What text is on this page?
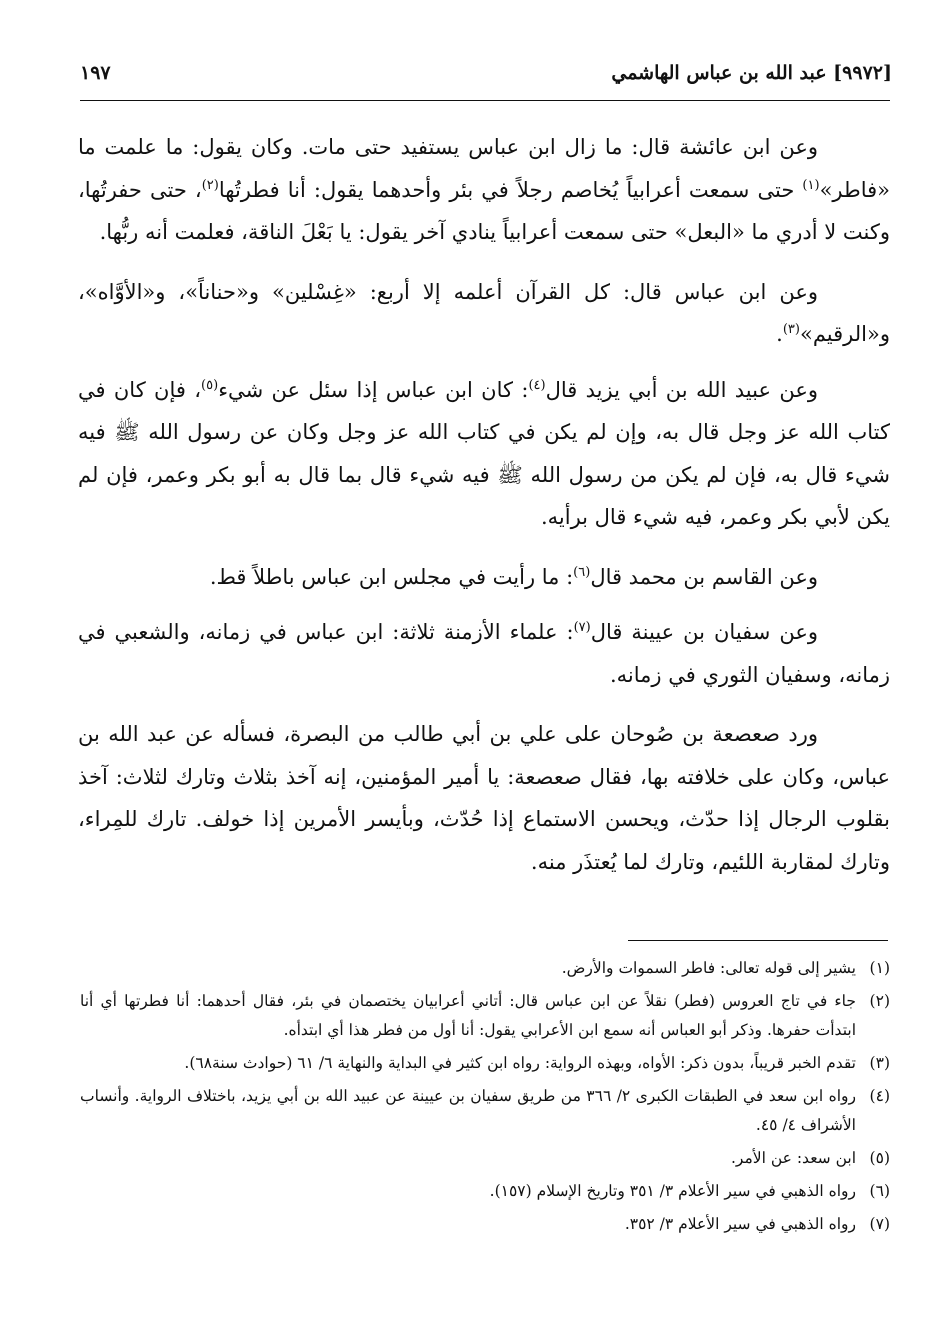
[٩٩٧٢] عبد الله بن عباس الهاشمي
١٩٧

وعن ابن عائشة قال: ما زال ابن عباس يستفيد حتى مات. وكان يقول: ما علمت ما «فاطر»$^{(١)}$ حتى سمعت أعرابياً يُخاصم رجلاً في بئر وأحدهما يقول: أنا فطرتُها$^{(٢)}$، حتى حفرتُها، وكنت لا أدري ما «البعل» حتى سمعت أعرابياً ينادي آخر يقول: يا بَعْلَ الناقة، فعلمت أنه ربُّها.

وعن ابن عباس قال: كل القرآن أعلمه إلا أربع: «غِسْلين» و«حناناً»، و«الأوَّاه»، و«الرقيم»$^{(٣)}$.

وعن عبيد الله بن أبي يزيد قال$^{(٤)}$: كان ابن عباس إذا سئل عن شيء$^{(٥)}$، فإن كان في كتاب الله عز وجل قال به، وإن لم يكن في كتاب الله عز وجل وكان عن رسول الله ﷺ فيه شيء قال به، فإن لم يكن من رسول الله ﷺ فيه شيء قال بما قال به أبو بكر وعمر، فإن لم يكن لأبي بكر وعمر، فيه شيء قال برأيه.

وعن القاسم بن محمد قال$^{(٦)}$: ما رأيت في مجلس ابن عباس باطلاً قط.

وعن سفيان بن عيينة قال$^{(٧)}$: علماء الأزمنة ثلاثة: ابن عباس في زمانه، والشعبي في زمانه، وسفيان الثوري في زمانه.

ورد صعصعة بن صُوحان على علي بن أبي طالب من البصرة، فسأله عن عبد الله بن عباس، وكان على خلافته بها، فقال صعصعة: يا أمير المؤمنين، إنه آخذ بثلاث وتارك لثلاث: آخذ بقلوب الرجال إذا حدّث، ويحسن الاستماع إذا حُدّث، وبأيسر الأمرين إذا خولف. تارك للمِراء، وتارك لمقاربة اللئيم، وتارك لما يُعتذَر منه.

(١)
يشير إلى قوله تعالى: فاطر السموات والأرض.
(٢)
جاء في تاج العروس (فطر) نقلاً عن ابن عباس قال: أتاني أعرابيان يختصمان في بئر، فقال أحدهما: أنا فطرتها أي أنا ابتدأت حفرها. وذكر أبو العباس أنه سمع ابن الأعرابي يقول: أنا أول من فطر هذا أي ابتدأه.
(٣)
تقدم الخبر قريباً، بدون ذكر: الأواه، وبهذه الرواية: رواه ابن كثير في البداية والنهاية ٦/ ٦١ (حوادث سنة٦٨).
(٤)
رواه ابن سعد في الطبقات الكبرى ٢/ ٣٦٦ من طريق سفيان بن عيينة عن عبيد الله بن أبي يزيد، باختلاف الرواية. وأنساب الأشراف ٤/ ٤٥.
(٥)
ابن سعد: عن الأمر.
(٦)
رواه الذهبي في سير الأعلام ٣/ ٣٥١ وتاريخ الإسلام (١٥٧).
(٧)
رواه الذهبي في سير الأعلام ٣/ ٣٥٢.
